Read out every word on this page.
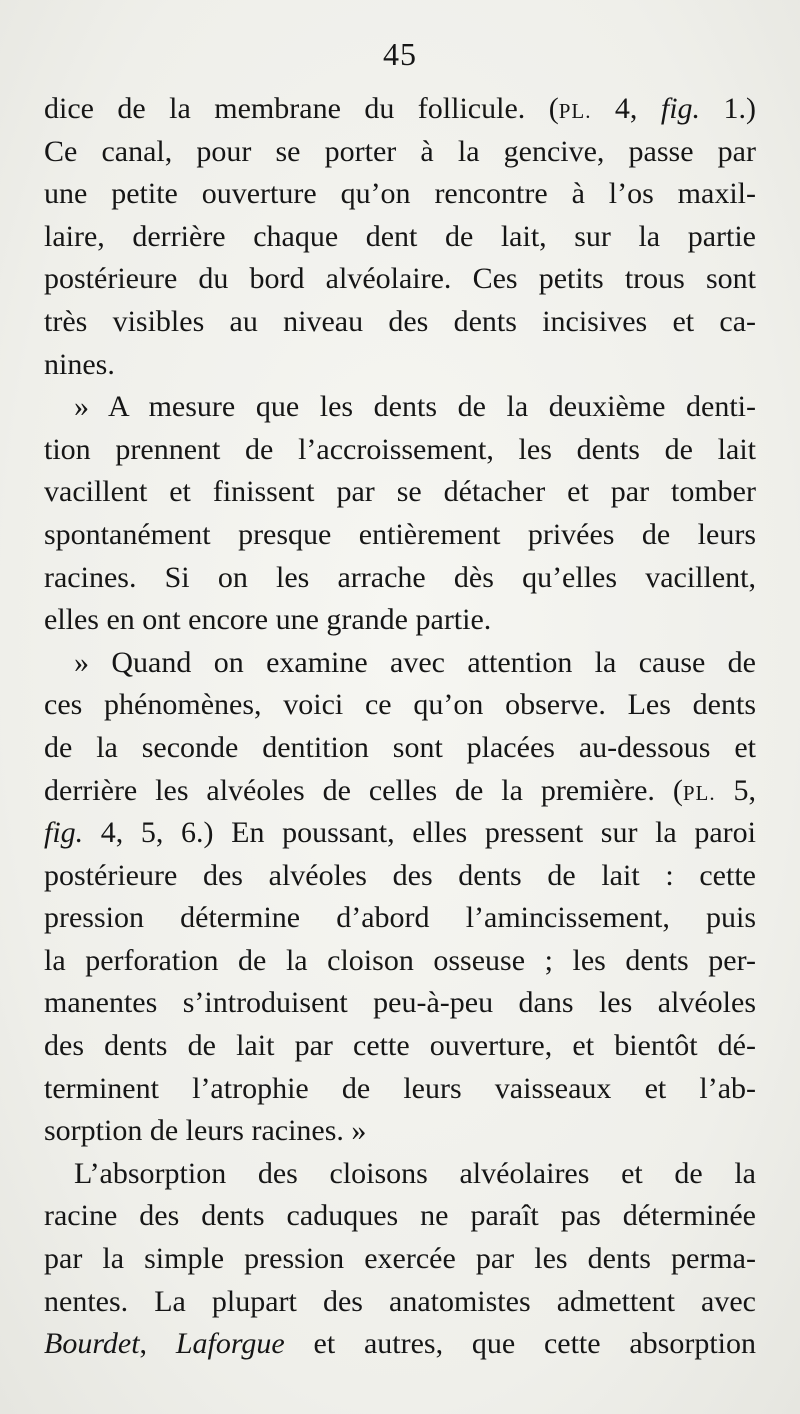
45
dice de la membrane du follicule. (PL. 4, fig. 1.)
Ce canal, pour se porter à la gencive, passe par
une petite ouverture qu’on rencontre à l’os maxil-
laire, derrière chaque dent de lait, sur la partie
postérieure du bord alvéolaire. Ces petits trous sont
très visibles au niveau des dents incisives et ca-
nines.
» A mesure que les dents de la deuxième denti-
tion prennent de l’accroissement, les dents de lait
vacillent et finissent par se détacher et par tomber
spontanément presque entièrement privées de leurs
racines. Si on les arrache dès qu’elles vacillent,
elles en ont encore une grande partie.
» Quand on examine avec attention la cause de
ces phénomènes, voici ce qu’on observe. Les dents
de la seconde dentition sont placées au-dessous et
derrière les alvéoles de celles de la première. (PL. 5,
fig. 4, 5, 6.) En poussant, elles pressent sur la paroi
postérieure des alvéoles des dents de lait : cette
pression détermine d’abord l’amincissement, puis
la perforation de la cloison osseuse ; les dents per-
manentes s’introduisent peu-à-peu dans les alvéoles
des dents de lait par cette ouverture, et bientôt dé-
terminent l’atrophie de leurs vaisseaux et l’ab-
sorption de leurs racines. »
L’absorption des cloisons alvéolaires et de la
racine des dents caduques ne paraît pas déterminée
par la simple pression exercée par les dents perma-
nentes. La plupart des anatomistes admettent avec
Bourdet, Laforgue et autres, que cette absorption
